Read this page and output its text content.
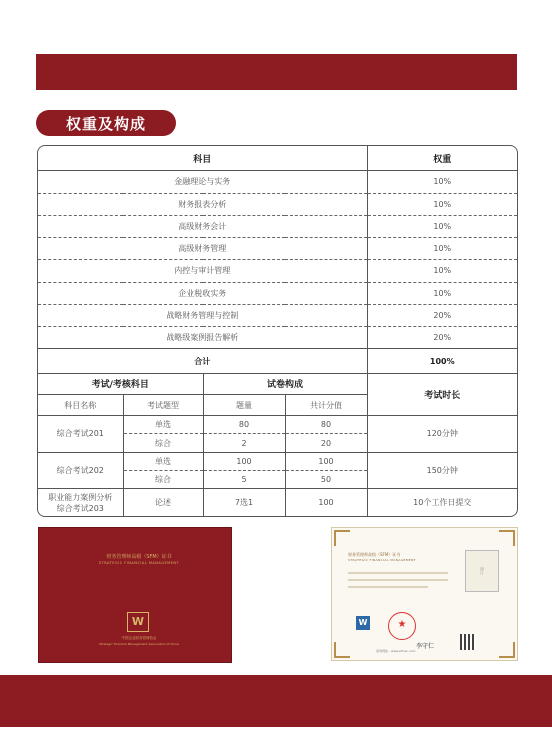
权重及构成
科目				权重
金融理论与实务				10%
财务报表分析				10%
高级财务会计				10%
高级财务管理				10%
内控与审计管理				10%
企业税收实务				10%
战略财务管理与控制				20%
战略级案例报告解析				20%
合计				100%
考试/考核科目		试卷构成		考试时长
科目名称	考试题型	题量	共计分值	
综合考试201	单选	80	80	120分钟
	综合	2	20	
综合考试202	单选	100	100	150分钟
	综合	5	50	
职业能力案例分析
综合考试203	论述	7选1	100	10个工作日提交
财务管理师高级（SFM）证书
STRATEGIC FINANCIAL MANAGEMENT
W
中国企业财务管理协会
Strategic Financial Management Association of China
财务管理师高级（SFM）证书
STRATEGIC FINANCIAL MANAGEMENT
照片
W	★
李守仁
查询网址：www.sfmac.com
